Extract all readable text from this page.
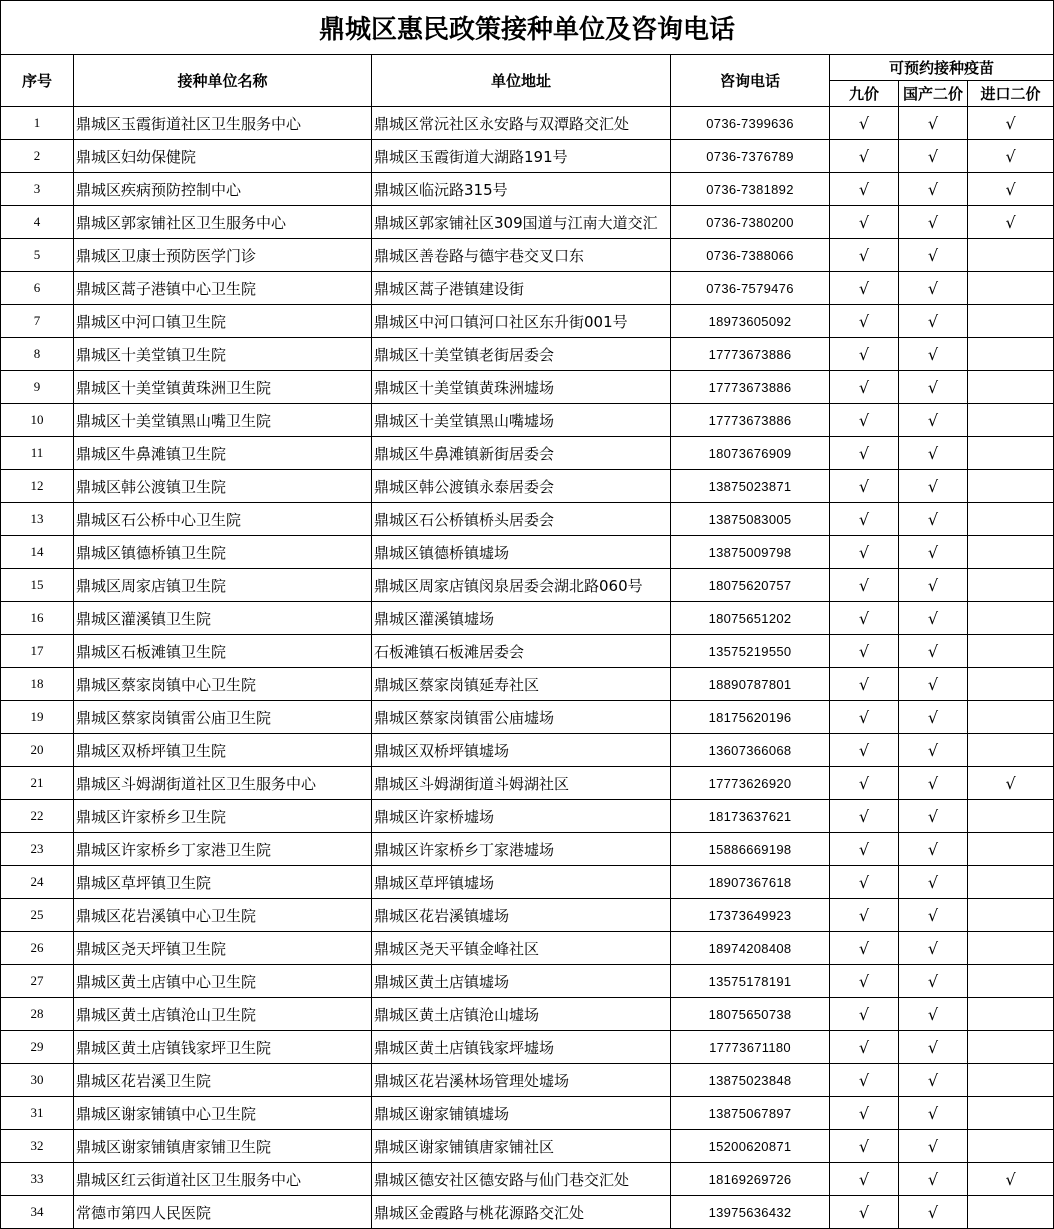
鼎城区惠民政策接种单位及咨询电话						
序号	接种单位名称	单位地址	咨询电话	可预约接种疫苗		
				九价	国产二价	进口二价
1	鼎城区玉霞街道社区卫生服务中心	鼎城区常沅社区永安路与双潭路交汇处	0736-7399636	√	√	√
2	鼎城区妇幼保健院	鼎城区玉霞街道大湖路191号	0736-7376789	√	√	√
3	鼎城区疾病预防控制中心	鼎城区临沅路315号	0736-7381892	√	√	√
4	鼎城区郭家铺社区卫生服务中心	鼎城区郭家铺社区309国道与江南大道交汇	0736-7380200	√	√	√
5	鼎城区卫康士预防医学门诊	鼎城区善卷路与德宇巷交叉口东	0736-7388066	√	√	
6	鼎城区蒿子港镇中心卫生院	鼎城区蒿子港镇建设街	0736-7579476	√	√	
7	鼎城区中河口镇卫生院	鼎城区中河口镇河口社区东升街001号	18973605092	√	√	
8	鼎城区十美堂镇卫生院	鼎城区十美堂镇老街居委会	17773673886	√	√	
9	鼎城区十美堂镇黄珠洲卫生院	鼎城区十美堂镇黄珠洲墟场	17773673886	√	√	
10	鼎城区十美堂镇黑山嘴卫生院	鼎城区十美堂镇黑山嘴墟场	17773673886	√	√	
11	鼎城区牛鼻滩镇卫生院	鼎城区牛鼻滩镇新街居委会	18073676909	√	√	
12	鼎城区韩公渡镇卫生院	鼎城区韩公渡镇永泰居委会	13875023871	√	√	
13	鼎城区石公桥中心卫生院	鼎城区石公桥镇桥头居委会	13875083005	√	√	
14	鼎城区镇德桥镇卫生院	鼎城区镇德桥镇墟场	13875009798	√	√	
15	鼎城区周家店镇卫生院	鼎城区周家店镇闵泉居委会湖北路060号	18075620757	√	√	
16	鼎城区灌溪镇卫生院	鼎城区灌溪镇墟场	18075651202	√	√	
17	鼎城区石板滩镇卫生院	石板滩镇石板滩居委会	13575219550	√	√	
18	鼎城区蔡家岗镇中心卫生院	鼎城区蔡家岗镇延寿社区	18890787801	√	√	
19	鼎城区蔡家岗镇雷公庙卫生院	鼎城区蔡家岗镇雷公庙墟场	18175620196	√	√	
20	鼎城区双桥坪镇卫生院	鼎城区双桥坪镇墟场	13607366068	√	√	
21	鼎城区斗姆湖街道社区卫生服务中心	鼎城区斗姆湖街道斗姆湖社区	17773626920	√	√	√
22	鼎城区许家桥乡卫生院	鼎城区许家桥墟场	18173637621	√	√	
23	鼎城区许家桥乡丁家港卫生院	鼎城区许家桥乡丁家港墟场	15886669198	√	√	
24	鼎城区草坪镇卫生院	鼎城区草坪镇墟场	18907367618	√	√	
25	鼎城区花岩溪镇中心卫生院	鼎城区花岩溪镇墟场	17373649923	√	√	
26	鼎城区尧天坪镇卫生院	鼎城区尧天平镇金峰社区	18974208408	√	√	
27	鼎城区黄土店镇中心卫生院	鼎城区黄土店镇墟场	13575178191	√	√	
28	鼎城区黄土店镇沧山卫生院	鼎城区黄土店镇沧山墟场	18075650738	√	√	
29	鼎城区黄土店镇钱家坪卫生院	鼎城区黄土店镇钱家坪墟场	17773671180	√	√	
30	鼎城区花岩溪卫生院	鼎城区花岩溪林场管理处墟场	13875023848	√	√	
31	鼎城区谢家铺镇中心卫生院	鼎城区谢家铺镇墟场	13875067897	√	√	
32	鼎城区谢家铺镇唐家铺卫生院	鼎城区谢家铺镇唐家铺社区	15200620871	√	√	
33	鼎城区红云街道社区卫生服务中心	鼎城区德安社区德安路与仙门巷交汇处	18169269726	√	√	√
34	常德市第四人民医院	鼎城区金霞路与桃花源路交汇处	13975636432	√	√	
